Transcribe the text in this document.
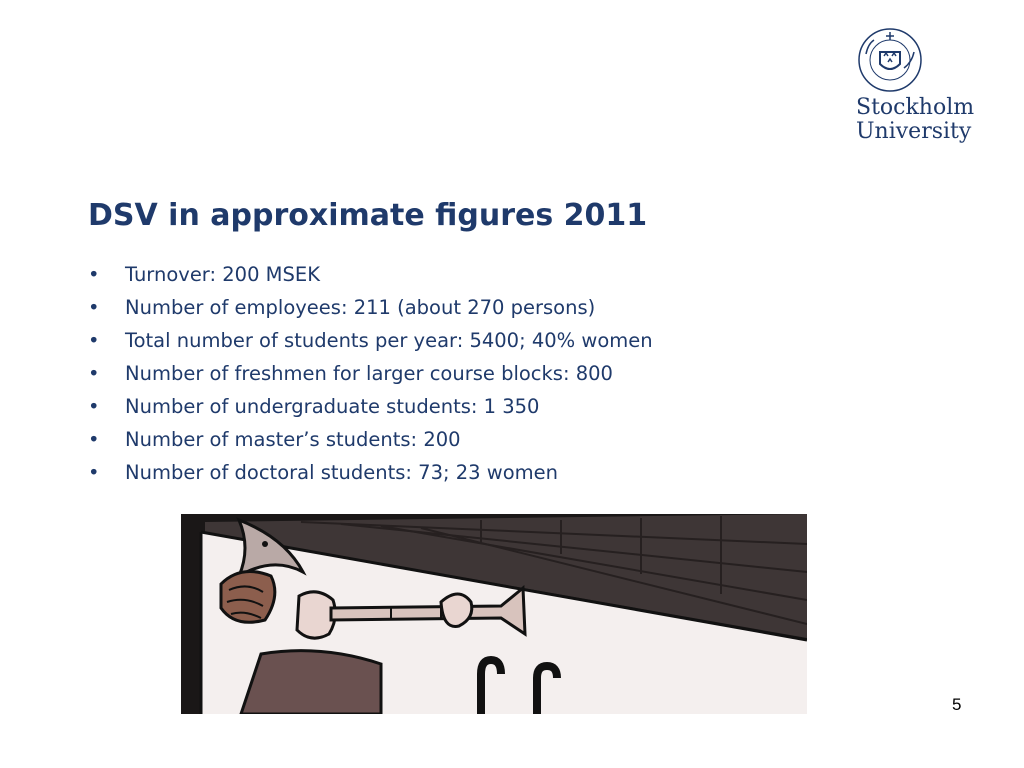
Stockholm
University
DSV in approximate figures 2011
• Turnover: 200 MSEK
• Number of employees: 211 (about 270 persons)
• Total number of students per year: 5400; 40% women
• Number of freshmen for larger course blocks: 800
• Number of undergraduate students: 1 350
• Number of master’s students: 200
• Number of doctoral students: 73; 23 women
5
